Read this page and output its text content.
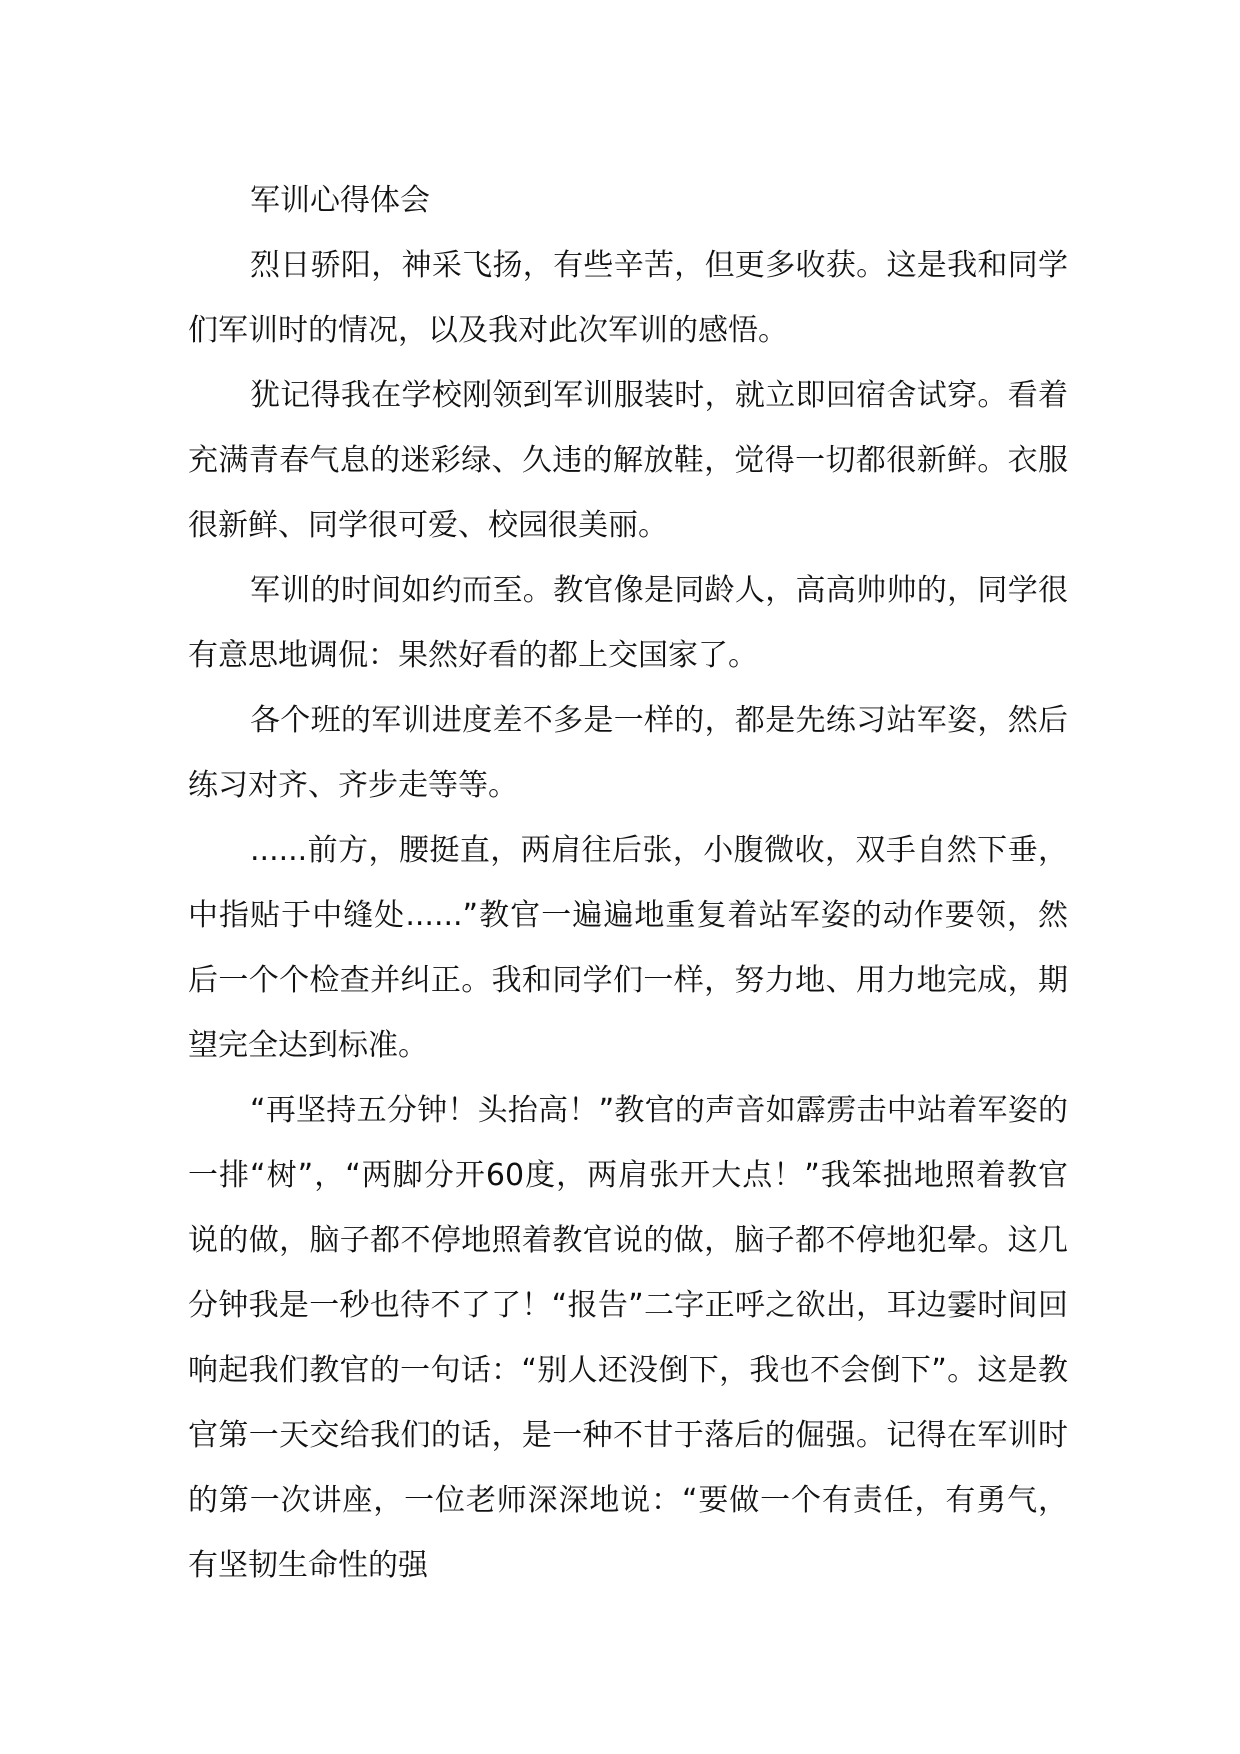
军训心得体会

烈日骄阳，神采飞扬，有些辛苦，但更多收获。这是我和同学们军训时的情况，以及我对此次军训的感悟。

犹记得我在学校刚领到军训服装时，就立即回宿舍试穿。看着充满青春气息的迷彩绿、久违的解放鞋，觉得一切都很新鲜。衣服很新鲜、同学很可爱、校园很美丽。

军训的时间如约而至。教官像是同龄人，高高帅帅的，同学很有意思地调侃：果然好看的都上交国家了。

各个班的军训进度差不多是一样的，都是先练习站军姿，然后练习对齐、齐步走等等。

......前方，腰挺直，两肩往后张，小腹微收，双手自然下垂，中指贴于中缝处......”教官一遍遍地重复着站军姿的动作要领，然后一个个检查并纠正。我和同学们一样，努力地、用力地完成，期望完全达到标准。

“再坚持五分钟！头抬高！”教官的声音如霹雳击中站着军姿的一排“树”，“两脚分开60度，两肩张开大点！”我笨拙地照着教官说的做，脑子都不停地照着教官说的做，脑子都不停地犯晕。这几分钟我是一秒也待不了了！“报告”二字正呼之欲出，耳边霎时间回响起我们教官的一句话：“别人还没倒下，我也不会倒下”。这是教官第一天交给我们的话，是一种不甘于落后的倔强。记得在军训时的第一次讲座，一位老师深深地说：“要做一个有责任，有勇气，有坚韧生命性的强
